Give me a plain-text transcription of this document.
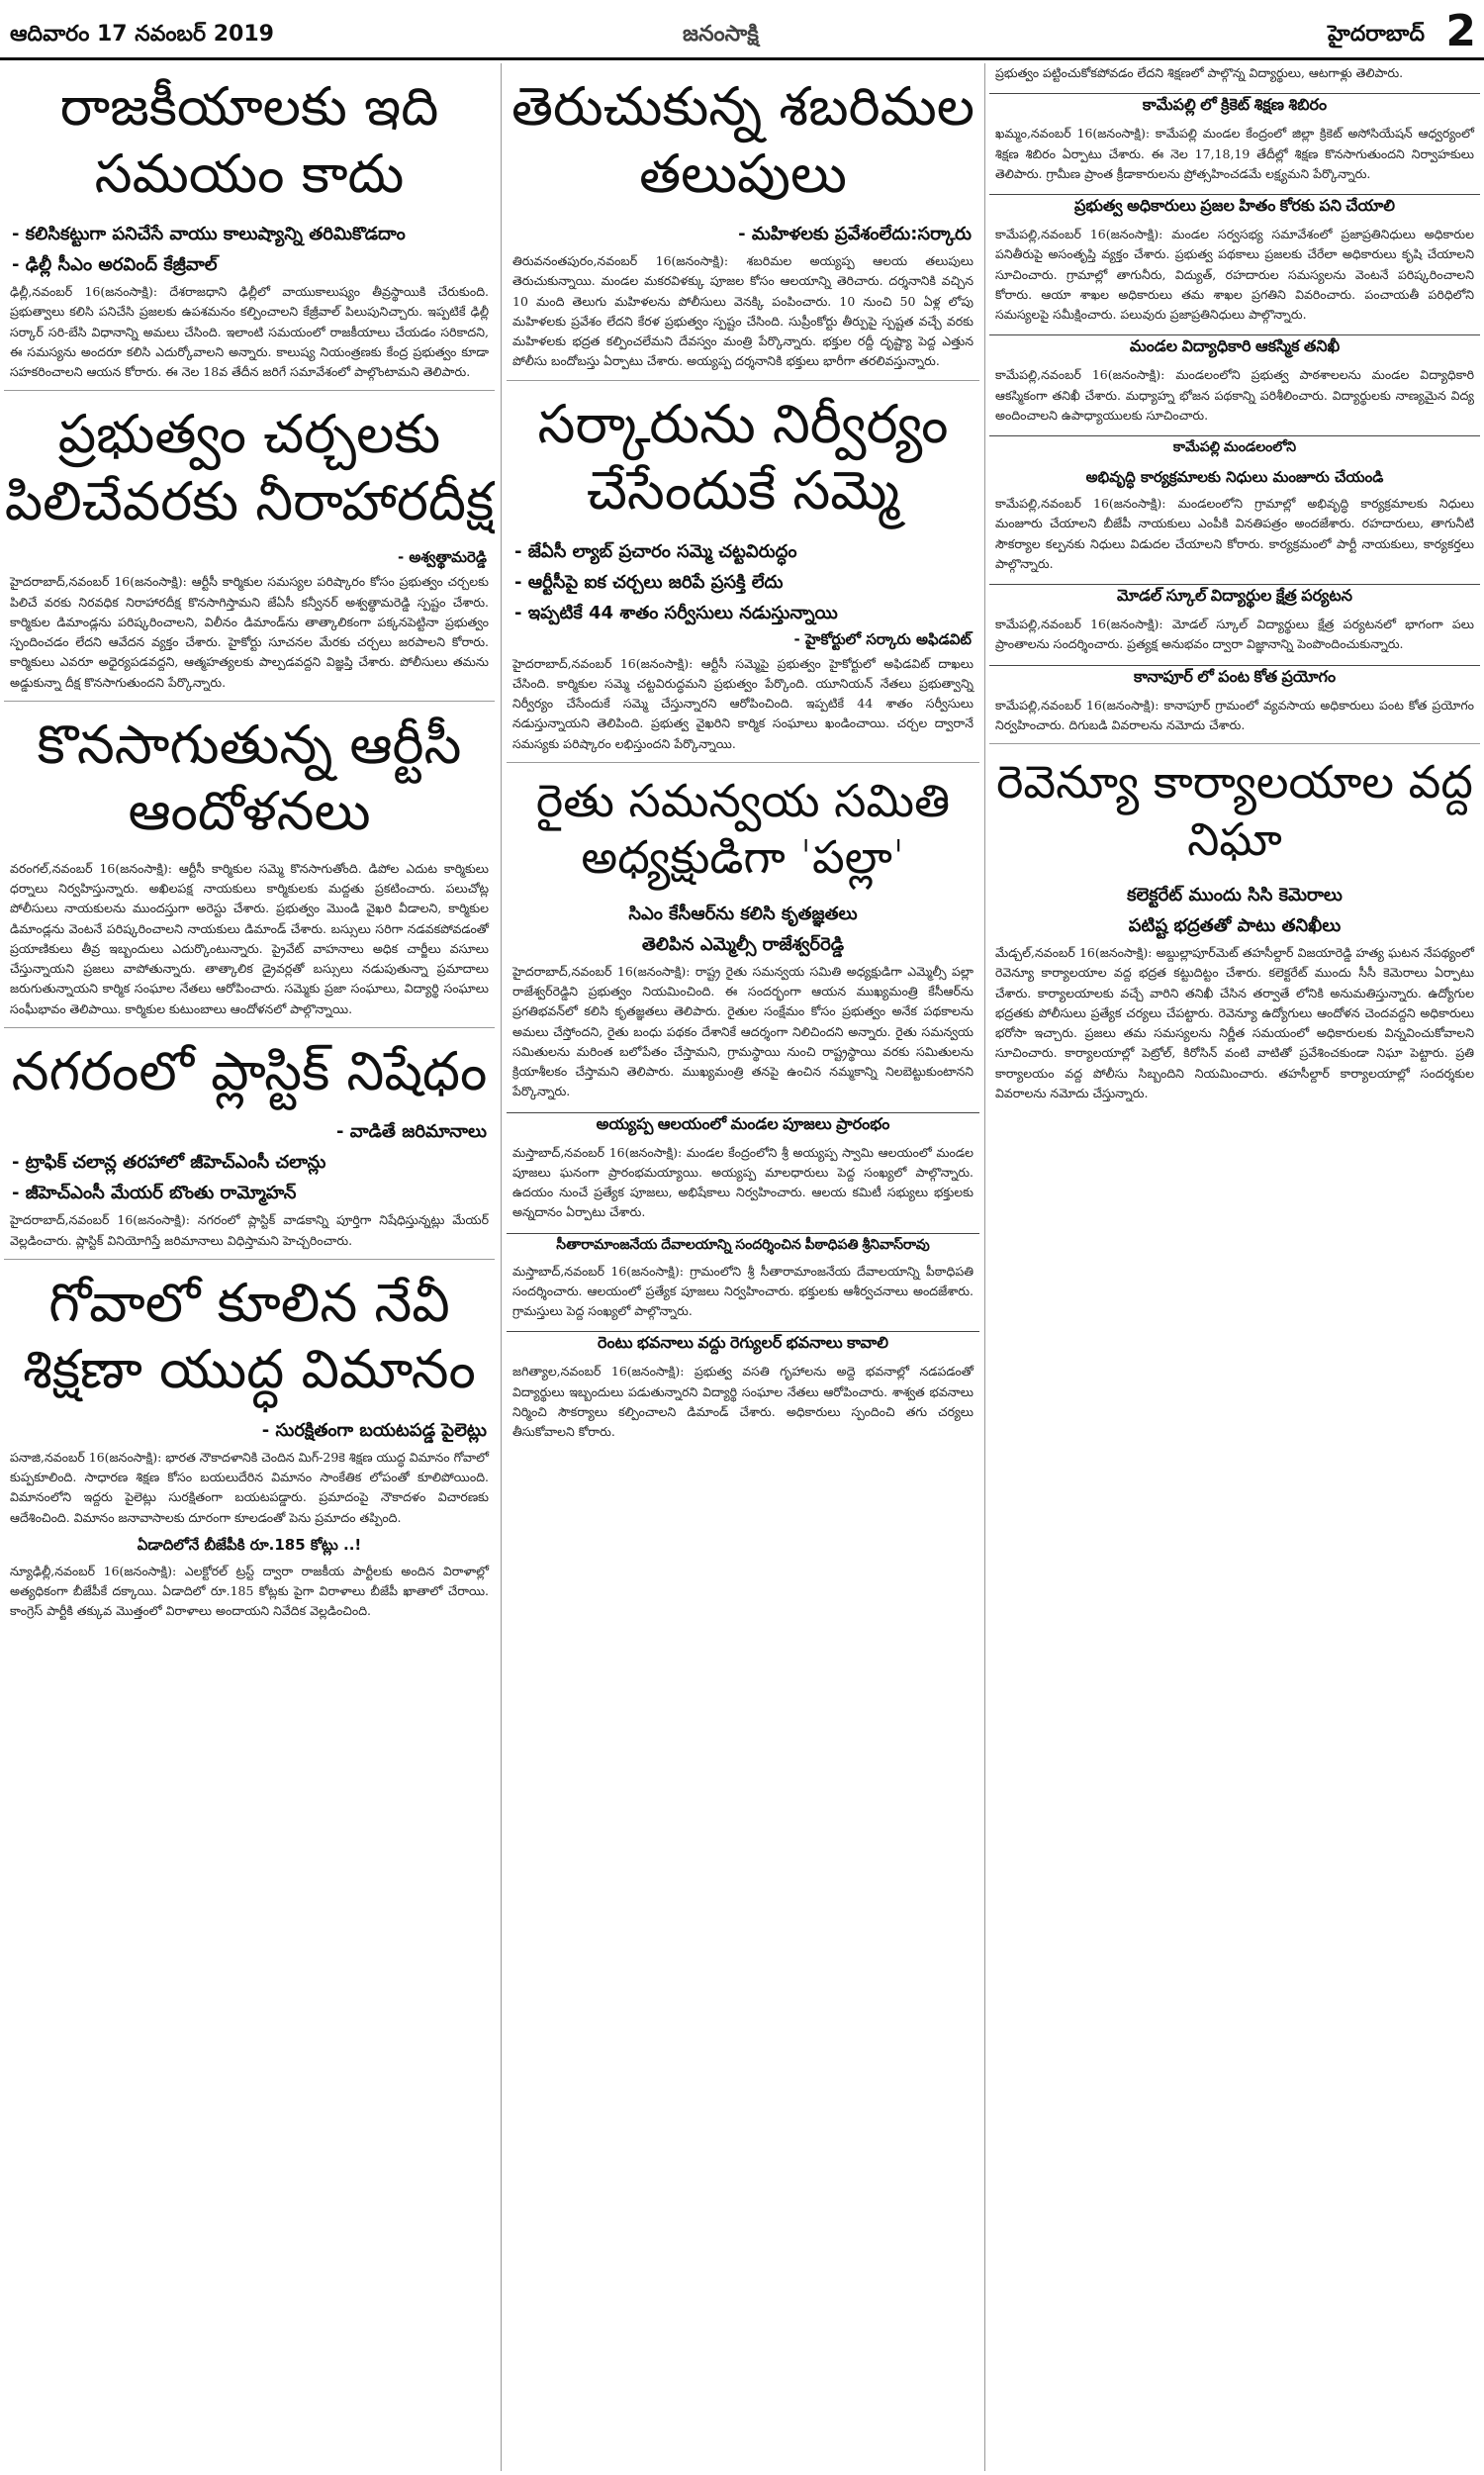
ఆదివారం 17 నవంబర్ 2019	జనంసాక్షి	హైదరాబాద్ 2
రాజకీయాలకు ఇది సమయం కాదు
- కలిసికట్టుగా పనిచేసే వాయు కాలుష్యాన్ని తరిమికొడదాం
- ఢిల్లీ సీఎం అరవింద్ కేజ్రీవాల్
ఢిల్లీ,నవంబర్ 16(జనంసాక్షి): దేశరాజధాని ఢిల్లీలో వాయుకాలుష్యం తీవ్రస్థాయికి చేరుకుంది. ప్రభుత్వాలు కలిసి పనిచేసి ప్రజలకు ఉపశమనం కల్పించాలని కేజ్రీవాల్ పిలుపునిచ్చారు. ఇప్పటికే ఢిల్లీ సర్కార్ సరి-బేసి విధానాన్ని అమలు చేసింది. ఇలాంటి సమయంలో రాజకీయాలు చేయడం సరికాదని, ఈ సమస్యను అందరూ కలిసి ఎదుర్కోవాలని అన్నారు. కాలుష్య నియంత్రణకు కేంద్ర ప్రభుత్వం కూడా సహకరించాలని ఆయన కోరారు. ఈ నెల 18వ తేదీన జరిగే సమావేశంలో పాల్గొంటామని తెలిపారు.
ప్రభుత్వం చర్చలకు పిలిచేవరకు నీరాహారదీక్ష
- అశ్వత్థామరెడ్డి
హైదరాబాద్,నవంబర్ 16(జనంసాక్షి): ఆర్టీసీ కార్మికుల సమస్యల పరిష్కారం కోసం ప్రభుత్వం చర్చలకు పిలిచే వరకు నిరవధిక నిరాహారదీక్ష కొనసాగిస్తామని జేఏసీ కన్వీనర్ అశ్వత్థామరెడ్డి స్పష్టం చేశారు. కార్మికుల డిమాండ్లను పరిష్కరించాలని, విలీనం డిమాండ్‌ను తాత్కాలికంగా పక్కనపెట్టినా ప్రభుత్వం స్పందించడం లేదని ఆవేదన వ్యక్తం చేశారు. హైకోర్టు సూచనల మేరకు చర్చలు జరపాలని కోరారు. కార్మికులు ఎవరూ అధైర్యపడవద్దని, ఆత్మహత్యలకు పాల్పడవద్దని విజ్ఞప్తి చేశారు. పోలీసులు తమను అడ్డుకున్నా దీక్ష కొనసాగుతుందని పేర్కొన్నారు.
కొనసాగుతున్న ఆర్టీసీ ఆందోళనలు
వరంగల్,నవంబర్ 16(జనంసాక్షి): ఆర్టీసీ కార్మికుల సమ్మె కొనసాగుతోంది. డిపోల ఎదుట కార్మికులు ధర్నాలు నిర్వహిస్తున్నారు. అఖిలపక్ష నాయకులు కార్మికులకు మద్దతు ప్రకటించారు. పలుచోట్ల పోలీసులు నాయకులను ముందస్తుగా అరెస్టు చేశారు. ప్రభుత్వం మొండి వైఖరి వీడాలని, కార్మికుల డిమాండ్లను వెంటనే పరిష్కరించాలని నాయకులు డిమాండ్ చేశారు. బస్సులు సరిగా నడవకపోవడంతో ప్రయాణికులు తీవ్ర ఇబ్బందులు ఎదుర్కొంటున్నారు. ప్రైవేట్ వాహనాలు అధిక చార్జీలు వసూలు చేస్తున్నాయని ప్రజలు వాపోతున్నారు. తాత్కాలిక డ్రైవర్లతో బస్సులు నడుపుతున్నా ప్రమాదాలు జరుగుతున్నాయని కార్మిక సంఘాల నేతలు ఆరోపించారు. సమ్మెకు ప్రజా సంఘాలు, విద్యార్థి సంఘాలు సంఘీభావం తెలిపాయి. కార్మికుల కుటుంబాలు ఆందోళనలో పాల్గొన్నాయి.
నగరంలో ప్లాస్టిక్ నిషేధం
- వాడితే జరిమానాలు
- ట్రాఫిక్ చలాన్ల తరహాలో జీహెచ్ఎంసీ చలాన్లు
- జీహెచ్ఎంసీ మేయర్ బొంతు రామ్మోహన్
హైదరాబాద్,నవంబర్ 16(జనంసాక్షి): నగరంలో ప్లాస్టిక్ వాడకాన్ని పూర్తిగా నిషేధిస్తున్నట్లు మేయర్ వెల్లడించారు. ప్లాస్టిక్ వినియోగిస్తే జరిమానాలు విధిస్తామని హెచ్చరించారు.
గోవాలో కూలిన నేవీ శిక్షణా యుద్ధ విమానం
- సురక్షితంగా బయటపడ్డ పైలెట్లు
పనాజి,నవంబర్ 16(జనంసాక్షి): భారత నౌకాదళానికి చెందిన మిగ్-29కె శిక్షణ యుద్ధ విమానం గోవాలో కుప్పకూలింది. సాధారణ శిక్షణ కోసం బయలుదేరిన విమానం సాంకేతిక లోపంతో కూలిపోయింది. విమానంలోని ఇద్దరు పైలెట్లు సురక్షితంగా బయటపడ్డారు. ప్రమాదంపై నౌకాదళం విచారణకు ఆదేశించింది. విమానం జనావాసాలకు దూరంగా కూలడంతో పెను ప్రమాదం తప్పింది.
ఏడాదిలోనే బీజేపీకి రూ.185 కోట్లు ..!
న్యూఢిల్లీ,నవంబర్ 16(జనంసాక్షి): ఎలక్టోరల్ ట్రస్ట్ ద్వారా రాజకీయ పార్టీలకు అందిన విరాళాల్లో అత్యధికంగా బీజేపీకే దక్కాయి. ఏడాదిలో రూ.185 కోట్లకు పైగా విరాళాలు బీజేపీ ఖాతాలో చేరాయి. కాంగ్రెస్ పార్టీకి తక్కువ మొత్తంలో విరాళాలు అందాయని నివేదిక వెల్లడించింది.
తెరుచుకున్న శబరిమల తలుపులు
- మహిళలకు ప్రవేశంలేదు:సర్కారు
తిరువనంతపురం,నవంబర్ 16(జనంసాక్షి): శబరిమల అయ్యప్ప ఆలయ తలుపులు తెరుచుకున్నాయి. మండల మకరవిళక్కు పూజల కోసం ఆలయాన్ని తెరిచారు. దర్శనానికి వచ్చిన 10 మంది తెలుగు మహిళలను పోలీసులు వెనక్కి పంపించారు. 10 నుంచి 50 ఏళ్ల లోపు మహిళలకు ప్రవేశం లేదని కేరళ ప్రభుత్వం స్పష్టం చేసింది. సుప్రీంకోర్టు తీర్పుపై స్పష్టత వచ్చే వరకు మహిళలకు భద్రత కల్పించలేమని దేవస్వం మంత్రి పేర్కొన్నారు. భక్తుల రద్దీ దృష్ట్యా పెద్ద ఎత్తున పోలీసు బందోబస్తు ఏర్పాటు చేశారు. అయ్యప్ప దర్శనానికి భక్తులు భారీగా తరలివస్తున్నారు.
సర్కారును నిర్వీర్యం చేసేందుకే సమ్మె
- జేఏసీ ల్యాబ్ ప్రచారం సమ్మె చట్టవిరుద్ధం
- ఆర్టీసీపై ఐక చర్చలు జరిపే ప్రసక్తి లేదు
- ఇప్పటికే 44 శాతం సర్వీసులు నడుస్తున్నాయి
- హైకోర్టులో సర్కారు అఫిడవిట్
హైదరాబాద్,నవంబర్ 16(జనంసాక్షి): ఆర్టీసీ సమ్మెపై ప్రభుత్వం హైకోర్టులో అఫిడవిట్ దాఖలు చేసింది. కార్మికుల సమ్మె చట్టవిరుద్ధమని ప్రభుత్వం పేర్కొంది. యూనియన్ నేతలు ప్రభుత్వాన్ని నిర్వీర్యం చేసేందుకే సమ్మె చేస్తున్నారని ఆరోపించింది. ఇప్పటికే 44 శాతం సర్వీసులు నడుస్తున్నాయని తెలిపింది. ప్రభుత్వ వైఖరిని కార్మిక సంఘాలు ఖండించాయి. చర్చల ద్వారానే సమస్యకు పరిష్కారం లభిస్తుందని పేర్కొన్నాయి.
రైతు సమన్వయ సమితి అధ్యక్షుడిగా 'పల్లా'
సిఎం కేసీఆర్‌ను కలిసి కృతజ్ఞతలు
తెలిపిన ఎమ్మెల్సీ రాజేశ్వర్‌రెడ్డి
హైదరాబాద్,నవంబర్ 16(జనంసాక్షి): రాష్ట్ర రైతు సమన్వయ సమితి అధ్యక్షుడిగా ఎమ్మెల్సీ పల్లా రాజేశ్వర్‌రెడ్డిని ప్రభుత్వం నియమించింది. ఈ సందర్భంగా ఆయన ముఖ్యమంత్రి కేసీఆర్‌ను ప్రగతిభవన్‌లో కలిసి కృతజ్ఞతలు తెలిపారు. రైతుల సంక్షేమం కోసం ప్రభుత్వం అనేక పథకాలను అమలు చేస్తోందని, రైతు బంధు పథకం దేశానికే ఆదర్శంగా నిలిచిందని అన్నారు. రైతు సమన్వయ సమితులను మరింత బలోపేతం చేస్తామని, గ్రామస్థాయి నుంచి రాష్ట్రస్థాయి వరకు సమితులను క్రియాశీలకం చేస్తామని తెలిపారు. ముఖ్యమంత్రి తనపై ఉంచిన నమ్మకాన్ని నిలబెట్టుకుంటానని పేర్కొన్నారు.
అయ్యప్ప ఆలయంలో మండల పూజలు ప్రారంభం
మస్తాబాద్,నవంబర్ 16(జనంసాక్షి): మండల కేంద్రంలోని శ్రీ అయ్యప్ప స్వామి ఆలయంలో మండల పూజలు ఘనంగా ప్రారంభమయ్యాయి. అయ్యప్ప మాలధారులు పెద్ద సంఖ్యలో పాల్గొన్నారు. ఉదయం నుంచే ప్రత్యేక పూజలు, అభిషేకాలు నిర్వహించారు. ఆలయ కమిటీ సభ్యులు భక్తులకు అన్నదానం ఏర్పాటు చేశారు.
సీతారామాంజనేయ దేవాలయాన్ని సందర్శించిన పీఠాధిపతి శ్రీనివాస్‌రావు
మస్తాబాద్,నవంబర్ 16(జనంసాక్షి): గ్రామంలోని శ్రీ సీతారామాంజనేయ దేవాలయాన్ని పీఠాధిపతి సందర్శించారు. ఆలయంలో ప్రత్యేక పూజలు నిర్వహించారు. భక్తులకు ఆశీర్వచనాలు అందజేశారు. గ్రామస్తులు పెద్ద సంఖ్యలో పాల్గొన్నారు.
రెంటు భవనాలు వద్దు రెగ్యులర్ భవనాలు కావాలి
జగిత్యాల,నవంబర్ 16(జనంసాక్షి): ప్రభుత్వ వసతి గృహాలను అద్దె భవనాల్లో నడపడంతో విద్యార్థులు ఇబ్బందులు పడుతున్నారని విద్యార్థి సంఘాల నేతలు ఆరోపించారు. శాశ్వత భవనాలు నిర్మించి సౌకర్యాలు కల్పించాలని డిమాండ్ చేశారు. అధికారులు స్పందించి తగు చర్యలు తీసుకోవాలని కోరారు.
ప్రభుత్వం పట్టించుకోకపోవడం లేదని శిక్షణలో పాల్గొన్న విద్యార్థులు, ఆటగాళ్లు తెలిపారు.
కామేపల్లి లో క్రికెట్ శిక్షణ శిబిరం
ఖమ్మం,నవంబర్ 16(జనంసాక్షి): కామేపల్లి మండల కేంద్రంలో జిల్లా క్రికెట్ అసోసియేషన్ ఆధ్వర్యంలో శిక్షణ శిబిరం ఏర్పాటు చేశారు. ఈ నెల 17,18,19 తేదీల్లో శిక్షణ కొనసాగుతుందని నిర్వాహకులు తెలిపారు. గ్రామీణ ప్రాంత క్రీడాకారులను ప్రోత్సహించడమే లక్ష్యమని పేర్కొన్నారు.
ప్రభుత్వ అధికారులు ప్రజల హితం కోరకు పని చేయాలి
కామేపల్లి,నవంబర్ 16(జనంసాక్షి): మండల సర్వసభ్య సమావేశంలో ప్రజాప్రతినిధులు అధికారుల పనితీరుపై అసంతృప్తి వ్యక్తం చేశారు. ప్రభుత్వ పథకాలు ప్రజలకు చేరేలా అధికారులు కృషి చేయాలని సూచించారు. గ్రామాల్లో తాగునీరు, విద్యుత్, రహదారుల సమస్యలను వెంటనే పరిష్కరించాలని కోరారు. ఆయా శాఖల అధికారులు తమ శాఖల ప్రగతిని వివరించారు. పంచాయతీ పరిధిలోని సమస్యలపై సమీక్షించారు. పలువురు ప్రజాప్రతినిధులు పాల్గొన్నారు.
మండల విద్యాధికారి ఆకస్మిక తనిఖీ
కామేపల్లి,నవంబర్ 16(జనంసాక్షి): మండలంలోని ప్రభుత్వ పాఠశాలలను మండల విద్యాధికారి ఆకస్మికంగా తనిఖీ చేశారు. మధ్యాహ్న భోజన పథకాన్ని పరిశీలించారు. విద్యార్థులకు నాణ్యమైన విద్య అందించాలని ఉపాధ్యాయులకు సూచించారు.
కామేపల్లి మండలంలోని
అభివృద్ధి కార్యక్రమాలకు నిధులు మంజూరు చేయండి
కామేపల్లి,నవంబర్ 16(జనంసాక్షి): మండలంలోని గ్రామాల్లో అభివృద్ధి కార్యక్రమాలకు నిధులు మంజూరు చేయాలని బీజేపీ నాయకులు ఎంపీకి వినతిపత్రం అందజేశారు. రహదారులు, తాగునీటి సౌకర్యాల కల్పనకు నిధులు విడుదల చేయాలని కోరారు. కార్యక్రమంలో పార్టీ నాయకులు, కార్యకర్తలు పాల్గొన్నారు.
మోడల్ స్కూల్ విద్యార్థుల క్షేత్ర పర్యటన
కామేపల్లి,నవంబర్ 16(జనంసాక్షి): మోడల్ స్కూల్ విద్యార్థులు క్షేత్ర పర్యటనలో భాగంగా పలు ప్రాంతాలను సందర్శించారు. ప్రత్యక్ష అనుభవం ద్వారా విజ్ఞానాన్ని పెంపొందించుకున్నారు.
కానాపూర్ లో పంట కోత ప్రయోగం
కామేపల్లి,నవంబర్ 16(జనంసాక్షి): కానాపూర్ గ్రామంలో వ్యవసాయ అధికారులు పంట కోత ప్రయోగం నిర్వహించారు. దిగుబడి వివరాలను నమోదు చేశారు.
రెవెన్యూ కార్యాలయాల వద్ద నిఘా
కలెక్టరేట్ ముందు సిసి కెమెరాలు
పటిష్ట భద్రతతో పాటు తనిఖీలు
మేడ్చల్,నవంబర్ 16(జనంసాక్షి): అబ్దుల్లాపూర్‌మెట్ తహసీల్దార్ విజయారెడ్డి హత్య ఘటన నేపథ్యంలో రెవెన్యూ కార్యాలయాల వద్ద భద్రత కట్టుదిట్టం చేశారు. కలెక్టరేట్ ముందు సీసీ కెమెరాలు ఏర్పాటు చేశారు. కార్యాలయాలకు వచ్చే వారిని తనిఖీ చేసిన తర్వాతే లోనికి అనుమతిస్తున్నారు. ఉద్యోగుల భద్రతకు పోలీసులు ప్రత్యేక చర్యలు చేపట్టారు. రెవెన్యూ ఉద్యోగులు ఆందోళన చెందవద్దని అధికారులు భరోసా ఇచ్చారు. ప్రజలు తమ సమస్యలను నిర్ణీత సమయంలో అధికారులకు విన్నవించుకోవాలని సూచించారు. కార్యాలయాల్లో పెట్రోల్, కిరోసిన్ వంటి వాటితో ప్రవేశించకుండా నిఘా పెట్టారు. ప్రతి కార్యాలయం వద్ద పోలీసు సిబ్బందిని నియమించారు. తహసీల్దార్ కార్యాలయాల్లో సందర్శకుల వివరాలను నమోదు చేస్తున్నారు.
